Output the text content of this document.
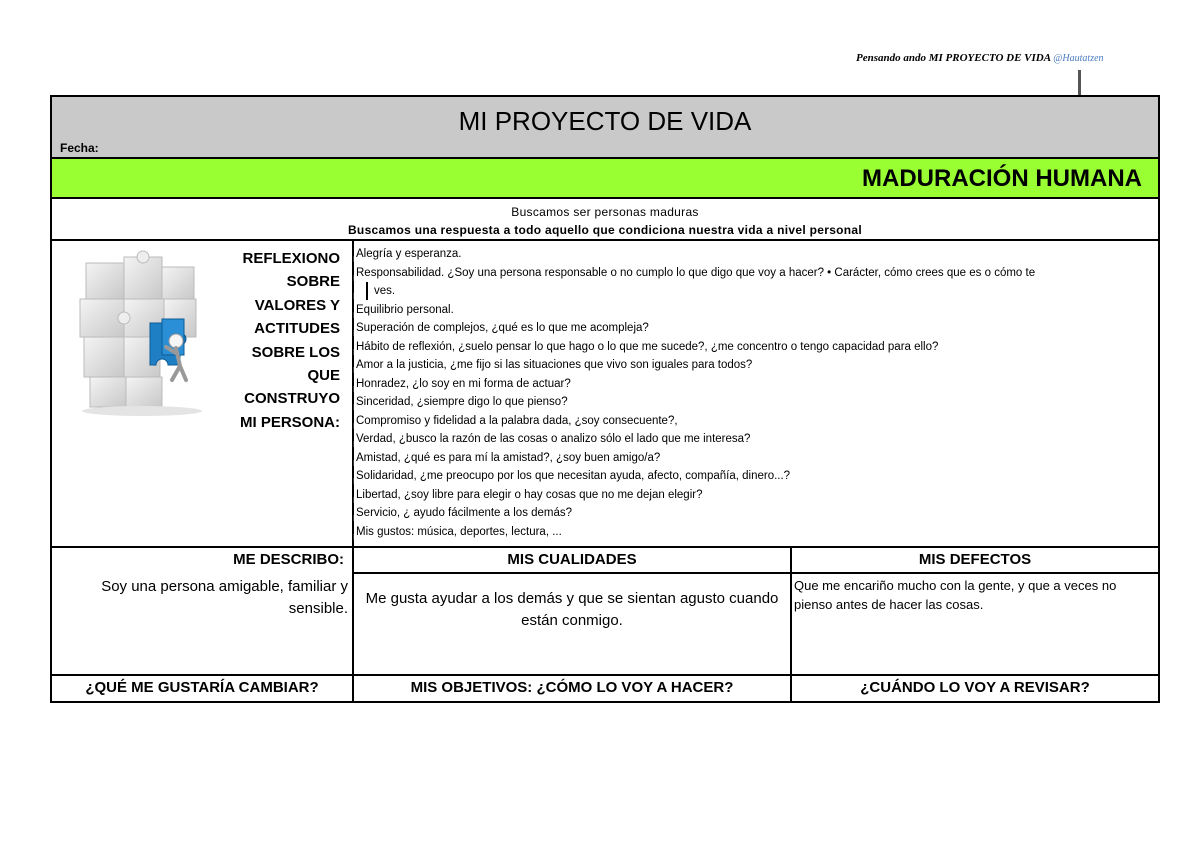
Pensando ando MI PROYECTO DE VIDA @Hautatzen
MI PROYECTO DE VIDA
Fecha:
MADURACIÓN HUMANA
Buscamos ser personas maduras
Buscamos una respuesta a todo aquello que condiciona nuestra vida a nivel personal
REFLEXIONO
SOBRE
VALORES Y
ACTITUDES
SOBRE LOS
QUE
CONSTRUYO
MI PERSONA:
Alegría y esperanza.
Responsabilidad. ¿Soy una persona responsable o no cumplo lo que digo que voy a hacer? • Carácter, cómo crees que es o cómo te
ves.
Equilibrio personal.
Superación de complejos, ¿qué es lo que me acompleja?
Hábito de reflexión, ¿suelo pensar lo que hago o lo que me sucede?, ¿me concentro o tengo capacidad para ello?
Amor a la justicia, ¿me fijo si las situaciones que vivo son iguales para todos?
Honradez, ¿lo soy en mi forma de actuar?
Sinceridad, ¿siempre digo lo que pienso?
Compromiso y fidelidad a la palabra dada, ¿soy consecuente?,
Verdad, ¿busco la razón de las cosas o analizo sólo el lado que me interesa?
Amistad, ¿qué es para mí la amistad?, ¿soy buen amigo/a?
Solidaridad, ¿me preocupo por los que necesitan ayuda, afecto, compañía, dinero...?
Libertad, ¿soy libre para elegir o hay cosas que no me dejan elegir?
Servicio, ¿ ayudo fácilmente a los demás?
Mis gustos: música, deportes, lectura, ...
ME DESCRIBO:
Soy una persona amigable, familiar y sensible.
MIS CUALIDADES
Me gusta ayudar a los demás y que se sientan agusto cuando están conmigo.
MIS DEFECTOS
Que me encariño mucho con la gente, y que a veces no pienso antes de hacer las cosas.
¿QUÉ ME GUSTARÍA CAMBIAR?	MIS OBJETIVOS: ¿CÓMO LO VOY A HACER?	¿CUÁNDO LO VOY A REVISAR?
